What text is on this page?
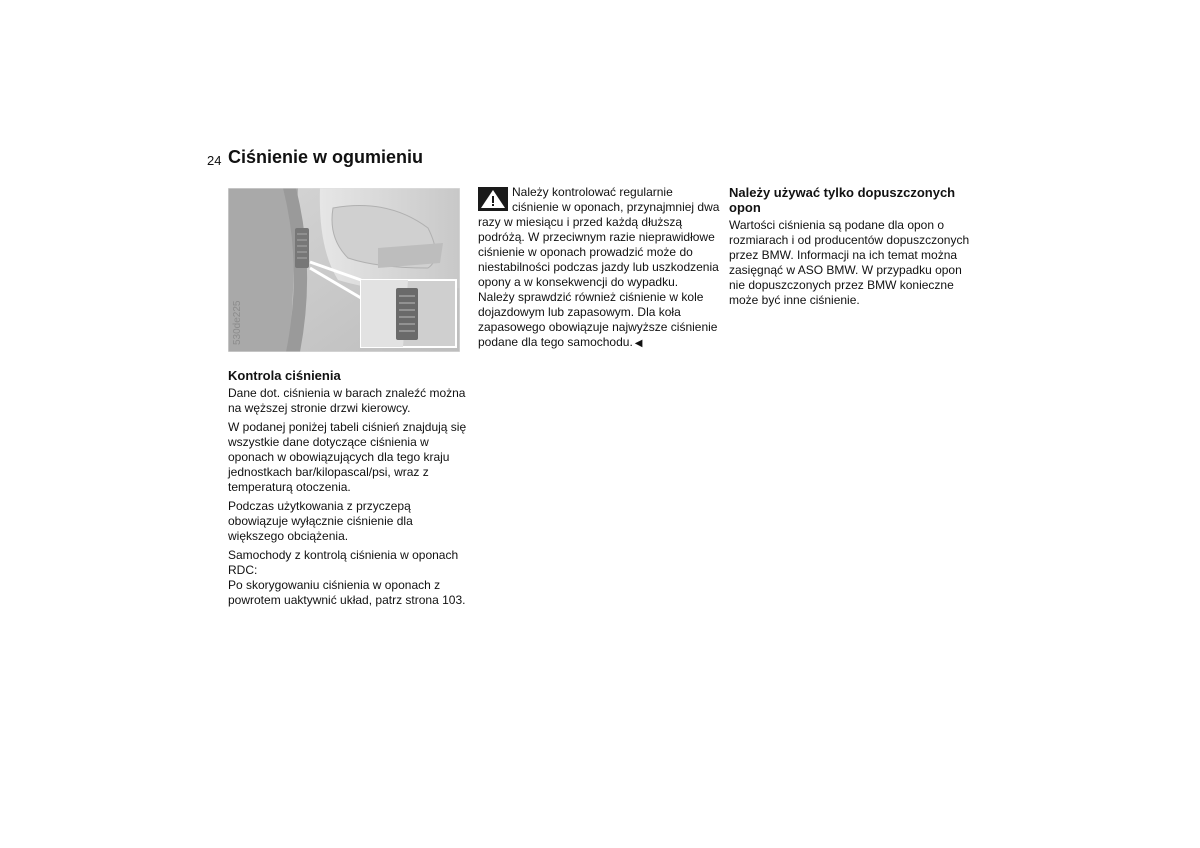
24 Ciśnienie w ogumieniu
530de225
Kontrola ciśnienia

Dane dot. ciśnienia w barach znaleźć można na węższej stronie drzwi kierowcy.

W podanej poniżej tabeli ciśnień znajdują się wszystkie dane dotyczące ciśnienia w oponach w obowiązujących dla tego kraju jednostkach bar/kilopascal/psi, wraz z temperaturą otoczenia.

Podczas użytkowania z przyczepą obowiązuje wyłącznie ciśnienie dla większego obciążenia.

Samochody z kontrolą ciśnienia w oponach RDC:

Po skorygowaniu ciśnienia w oponach z powrotem uaktywnić układ, patrz strona 103.

Należy kontrolować regularnie ciśnienie w oponach, przynajmniej dwa razy w miesiącu i przed każdą dłuższą podróżą. W przeciwnym razie nieprawidłowe ciśnienie w oponach prowadzić może do niestabilności podczas jazdy lub uszkodzenia opony a w konsekwencji do wypadku.

Należy sprawdzić również ciśnienie w kole dojazdowym lub zapasowym. Dla koła zapasowego obowiązuje najwyższe ciśnienie podane dla tego samochodu. ◀

Należy używać tylko dopuszczonych opon

Wartości ciśnienia są podane dla opon o rozmiarach i od producentów dopuszczonych przez BMW. Informacji na ich temat można zasięgnąć w ASO BMW. W przypadku opon nie dopuszczonych przez BMW konieczne może być inne ciśnienie.
